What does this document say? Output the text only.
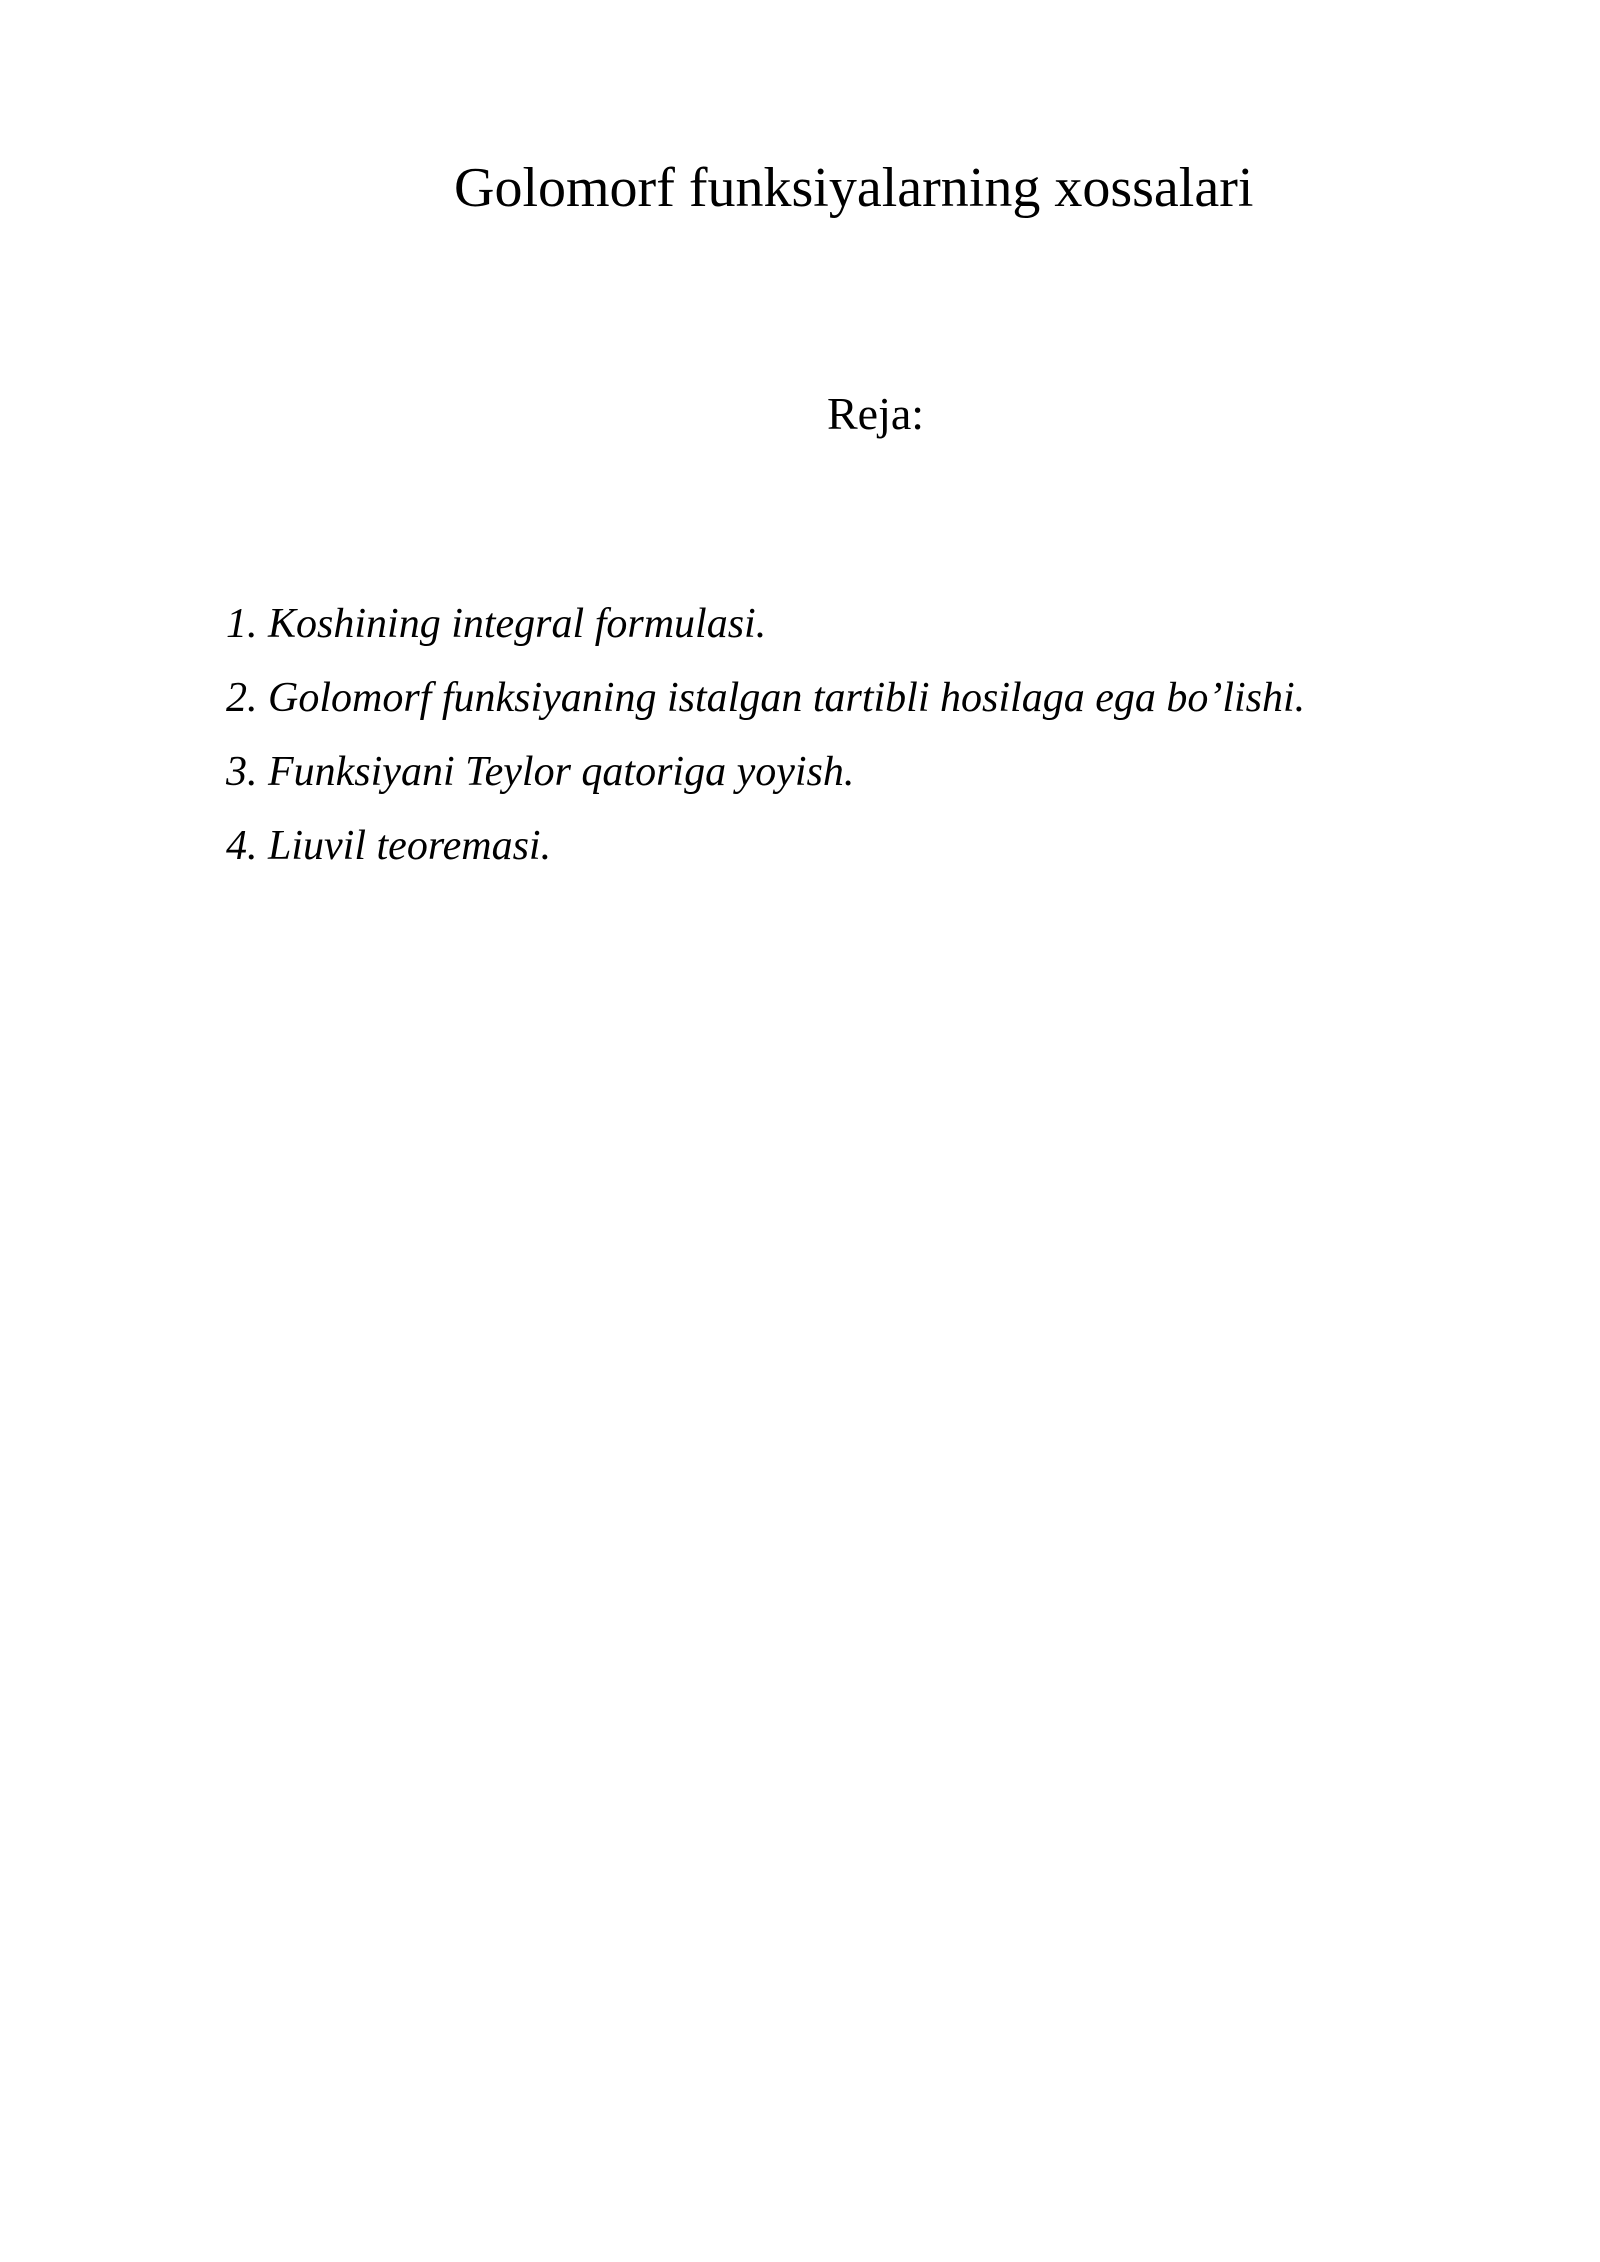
Golomorf funksiyalarning xossalari
Reja:
1. Koshining integral formulasi.
2. Golomorf funksiyaning istalgan tartibli hosilaga ega bo’lishi.
3. Funksiyani Teylor qatoriga yoyish.
4. Liuvil teoremasi.
